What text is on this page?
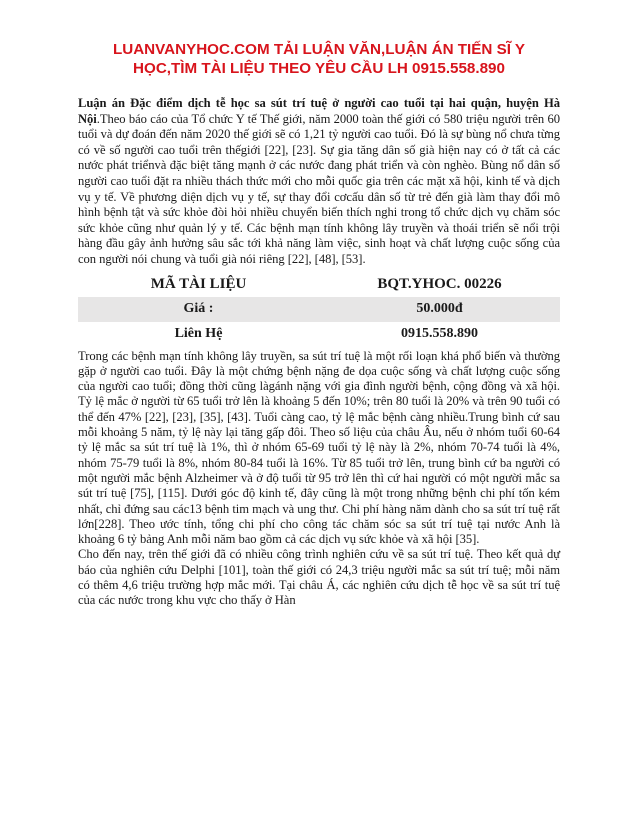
LUANVANYHOC.COM TẢI LUẬN VĂN,LUẬN ÁN TIẾN SĨ Y
HỌC,TÌM TÀI LIỆU THEO YÊU CẦU LH 0915.558.890
Luận án Đặc điểm dịch tễ học sa sút trí tuệ ở người cao tuổi tại hai quận, huyện Hà Nội.Theo báo cáo của Tổ chức Y tế Thế giới, năm 2000 toàn thế giới có 580 triệu người trên 60 tuổi và dự đoán đến năm 2020 thế giới sẽ có 1,21 tỷ người cao tuổi. Đó là sự bùng nổ chưa từng có về số người cao tuổi trên thếgiới [22], [23]. Sự gia tăng dân số già hiện nay có ở tất cả các nước phát triểnvà đặc biệt tăng mạnh ở các nước đang phát triển và còn nghèo. Bùng nổ dân số người cao tuổi đặt ra nhiều thách thức mới cho mỗi quốc gia trên các mặt xã hội, kinh tế và dịch vụ y tế. Về phương diện dịch vụ y tế, sự thay đổi cơcấu dân số từ trẻ đến già làm thay đổi mô hình bệnh tật và sức khỏe đòi hỏi nhiều chuyển biến thích nghi trong tổ chức dịch vụ chăm sóc sức khỏe cũng như quản lý y tế. Các bệnh mạn tính không lây truyền và thoái triển sẽ nổi trội hàng đầu gây ảnh hưởng sâu sắc tới khả năng làm việc, sinh hoạt và chất lượng cuộc sống của con người nói chung và tuổi già nói riêng [22], [48], [53].
MÃ TÀI LIỆU	BQT.YHOC. 00226
Giá :	50.000đ
Liên Hệ	0915.558.890
Trong các bệnh mạn tính không lây truyền, sa sút trí tuệ là một rối loạn khá phổ biến và thường gặp ở người cao tuổi. Đây là một chứng bệnh nặng đe dọa cuộc sống và chất lượng cuộc sống của người cao tuổi; đồng thời cũng làgánh nặng với gia đình người bệnh, cộng đồng và xã hội. Tỷ lệ mắc ở người từ 65 tuổi trở lên là khoảng 5 đến 10%; trên 80 tuổi là 20% và trên 90 tuổi có thể đến 47% [22], [23], [35], [43]. Tuổi càng cao, tỷ lệ mắc bệnh càng nhiều.Trung bình cứ sau mỗi khoảng 5 năm, tỷ lệ này lại tăng gấp đôi. Theo số liệu của châu Âu, nếu ở nhóm tuổi 60-64 tỷ lệ mắc sa sút trí tuệ là 1%, thì ở nhóm 65-69 tuổi tỷ lệ này là 2%, nhóm 70-74 tuổi là 4%, nhóm 75-79 tuổi là 8%, nhóm 80-84 tuổi là 16%. Từ 85 tuổi trở lên, trung bình cứ ba người có một người mắc bệnh Alzheimer và ở độ tuổi từ 95 trở lên thì cứ hai người có một người mắc sa sút trí tuệ [75], [115]. Dưới góc độ kinh tế, đây cũng là một trong những bệnh chi phí tốn kém nhất, chỉ đứng sau các13 bệnh tim mạch và ung thư. Chi phí hàng năm dành cho sa sút trí tuệ rất lớn[228]. Theo ước tính, tổng chi phí cho công tác chăm sóc sa sút trí tuệ tại nước Anh là khoảng 6 tỷ bảng Anh mỗi năm bao gồm cả các dịch vụ sức khỏe và xã hội [35].
Cho đến nay, trên thế giới đã có nhiều công trình nghiên cứu về sa sút trí tuệ. Theo kết quả dự báo của nghiên cứu Delphi [101], toàn thế giới có 24,3 triệu người mắc sa sút trí tuệ; mỗi năm có thêm 4,6 triệu trường hợp mắc mới. Tại châu Á, các nghiên cứu dịch tễ học về sa sút trí tuệ của các nước trong khu vực cho thấy ở Hàn
